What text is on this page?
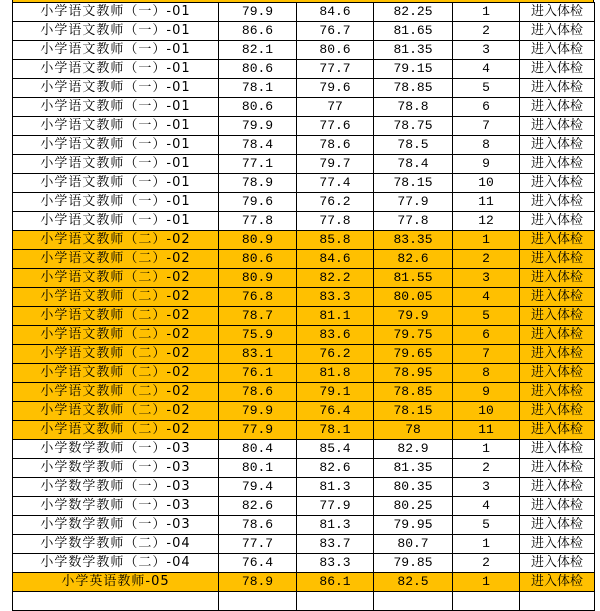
小学语文教师（一）-01	79.9	84.6	82.25	1	进入体检
小学语文教师（一）-01	86.6	76.7	81.65	2	进入体检
小学语文教师（一）-01	82.1	80.6	81.35	3	进入体检
小学语文教师（一）-01	80.6	77.7	79.15	4	进入体检
小学语文教师（一）-01	78.1	79.6	78.85	5	进入体检
小学语文教师（一）-01	80.6	77	78.8	6	进入体检
小学语文教师（一）-01	79.9	77.6	78.75	7	进入体检
小学语文教师（一）-01	78.4	78.6	78.5	8	进入体检
小学语文教师（一）-01	77.1	79.7	78.4	9	进入体检
小学语文教师（一）-01	78.9	77.4	78.15	10	进入体检
小学语文教师（一）-01	79.6	76.2	77.9	11	进入体检
小学语文教师（一）-01	77.8	77.8	77.8	12	进入体检
小学语文教师（二）-02	80.9	85.8	83.35	1	进入体检
小学语文教师（二）-02	80.6	84.6	82.6	2	进入体检
小学语文教师（二）-02	80.9	82.2	81.55	3	进入体检
小学语文教师（二）-02	76.8	83.3	80.05	4	进入体检
小学语文教师（二）-02	78.7	81.1	79.9	5	进入体检
小学语文教师（二）-02	75.9	83.6	79.75	6	进入体检
小学语文教师（二）-02	83.1	76.2	79.65	7	进入体检
小学语文教师（二）-02	76.1	81.8	78.95	8	进入体检
小学语文教师（二）-02	78.6	79.1	78.85	9	进入体检
小学语文教师（二）-02	79.9	76.4	78.15	10	进入体检
小学语文教师（二）-02	77.9	78.1	78	11	进入体检
小学数学教师（一）-03	80.4	85.4	82.9	1	进入体检
小学数学教师（一）-03	80.1	82.6	81.35	2	进入体检
小学数学教师（一）-03	79.4	81.3	80.35	3	进入体检
小学数学教师（一）-03	82.6	77.9	80.25	4	进入体检
小学数学教师（一）-03	78.6	81.3	79.95	5	进入体检
小学数学教师（二）-04	77.7	83.7	80.7	1	进入体检
小学数学教师（二）-04	76.4	83.3	79.85	2	进入体检
小学英语教师-05	78.9	86.1	82.5	1	进入体检
